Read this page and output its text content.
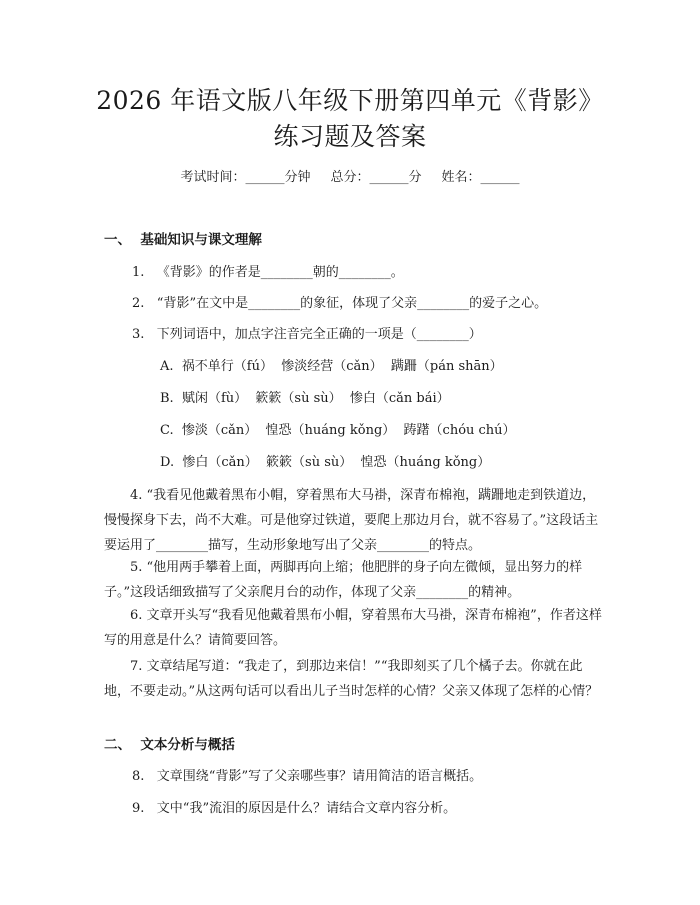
2026 年语文版八年级下册第四单元《背影》
练习题及答案
考试时间：______分钟 总分：______分 姓名：______
一、  基础知识与课文理解
1.   《背影》的作者是________朝的________。
2.   “背影”在文中是________的象征，体现了父亲________的爱子之心。
3.   下列词语中，加点字注音完全正确的一项是（________）
A.  祸不单行（fú）  惨淡经营（cǎn）  蹒跚（pán shān）
B.  赋闲（fù）  簌簌（sù sù）  惨白（cǎn bái）
C.  惨淡（cǎn）  惶恐（huáng kǒng）  踌躇（chóu chú）
D.  惨白（cǎn）  簌簌（sù sù）  惶恐（huáng kǒng）
4. “我看见他戴着黑布小帽，穿着黑布大马褂，深青布棉袍，蹒跚地走到铁道边，慢慢探身下去，尚不大难。可是他穿过铁道，要爬上那边月台，就不容易了。”这段话主要运用了________描写，生动形象地写出了父亲________的特点。
5. “他用两手攀着上面，两脚再向上缩；他肥胖的身子向左微倾，显出努力的样子。”这段话细致描写了父亲爬月台的动作，体现了父亲________的精神。
6. 文章开头写“我看见他戴着黑布小帽，穿着黑布大马褂，深青布棉袍”，作者这样写的用意是什么？请简要回答。
7. 文章结尾写道：“我走了，到那边来信！”“我即刻买了几个橘子去。你就在此地，不要走动。”从这两句话可以看出儿子当时怎样的心情？父亲又体现了怎样的心情？
二、  文本分析与概括
8.   文章围绕“背影”写了父亲哪些事？请用简洁的语言概括。
9.   文中“我”流泪的原因是什么？请结合文章内容分析。
